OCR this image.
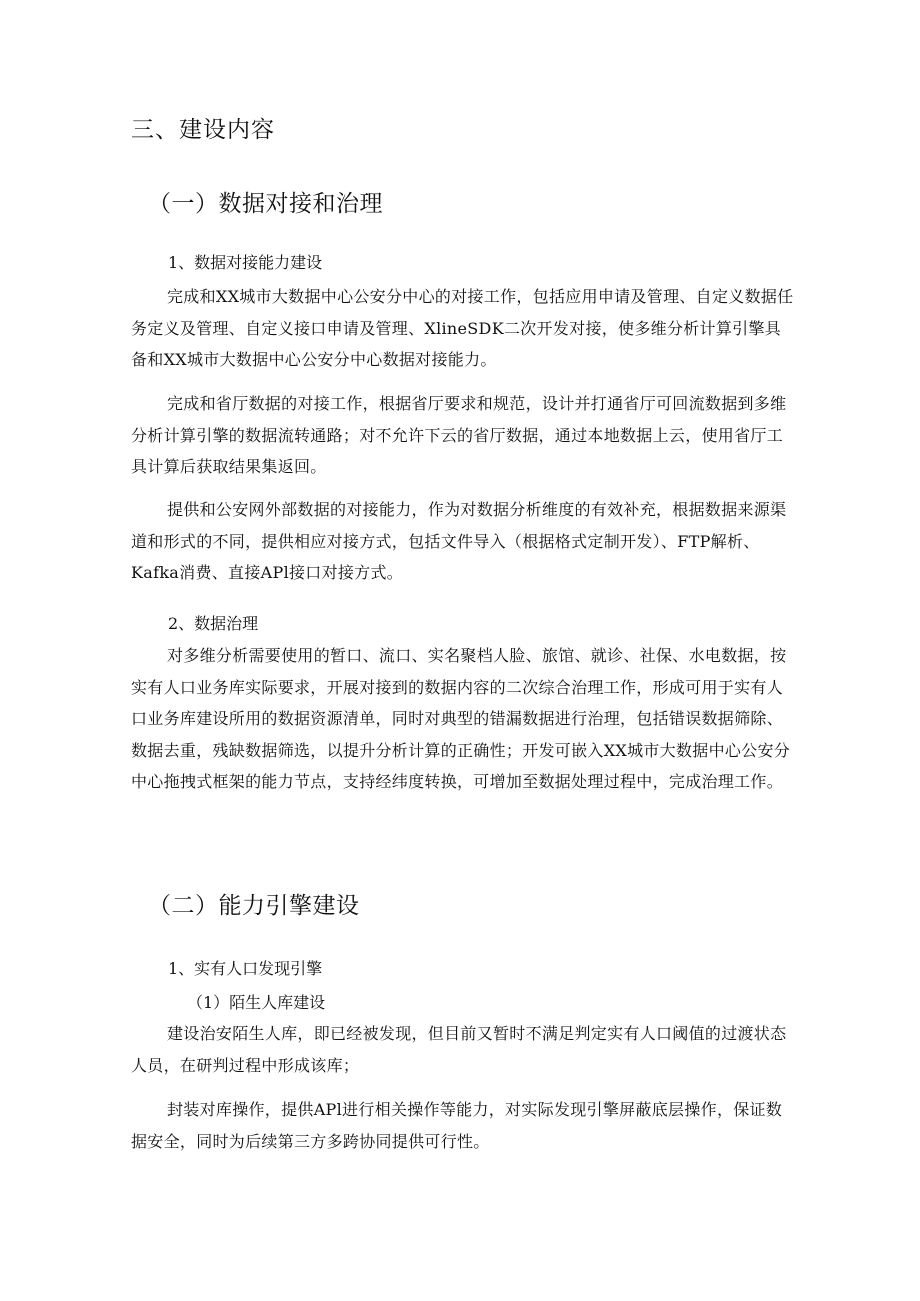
三、建设内容
（一）数据对接和治理
1、数据对接能力建设

完成和XX城市大数据中心公安分中心的对接工作，包括应用申请及管理、自定义数据任务定义及管理、自定义接口申请及管理、XlineSDK二次开发对接，使多维分析计算引擎具备和XX城市大数据中心公安分中心数据对接能力。

完成和省厅数据的对接工作，根据省厅要求和规范，设计并打通省厅可回流数据到多维分析计算引擎的数据流转通路；对不允许下云的省厅数据，通过本地数据上云，使用省厅工具计算后获取结果集返回。

提供和公安网外部数据的对接能力，作为对数据分析维度的有效补充，根据数据来源渠道和形式的不同，提供相应对接方式，包括文件导入（根据格式定制开发）、FTP解析、Kafka消费、直接APl接口对接方式。

2、数据治理

对多维分析需要使用的暂口、流口、实名聚档人脸、旅馆、就诊、社保、水电数据，按实有人口业务库实际要求，开展对接到的数据内容的二次综合治理工作，形成可用于实有人口业务库建设所用的数据资源清单，同时对典型的错漏数据进行治理，包括错误数据筛除、数据去重，残缺数据筛选，以提升分析计算的正确性；开发可嵌入XX城市大数据中心公安分中心拖拽式框架的能力节点，支持经纬度转换，可增加至数据处理过程中，完成治理工作。

（二）能力引擎建设
1、实有人口发现引擎
（1）陌生人库建设

建设治安陌生人库，即已经被发现，但目前又暂时不满足判定实有人口阈值的过渡状态人员，在研判过程中形成该库；

封装对库操作，提供APl进行相关操作等能力，对实际发现引擎屏蔽底层操作，保证数据安全，同时为后续第三方多跨协同提供可行性。
